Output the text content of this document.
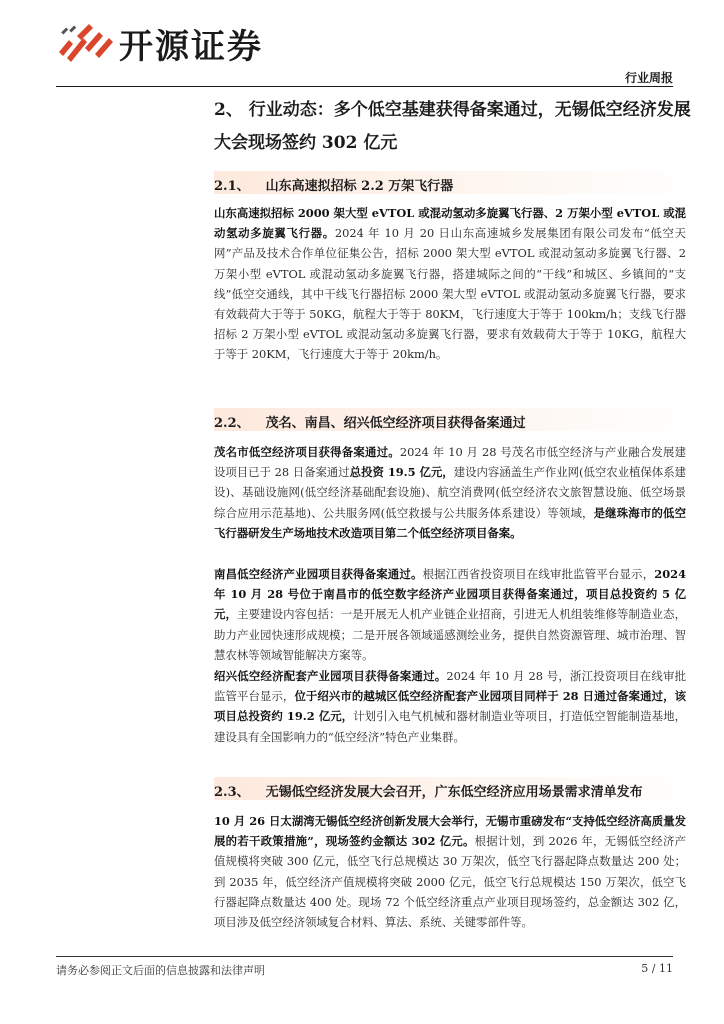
开源证券
行业周报
2、 行业动态：多个低空基建获得备案通过，无锡低空经济发展大会现场签约 302 亿元
2.1、 山东高速拟招标 2.2 万架飞行器
山东高速拟招标 2000 架大型 eVTOL 或混动氢动多旋翼飞行器、2 万架小型 eVTOL 或混动氢动多旋翼飞行器。2024 年 10 月 20 日山东高速城乡发展集团有限公司发布“低空天网”产品及技术合作单位征集公告，招标 2000 架大型 eVTOL 或混动氢动多旋翼飞行器、2 万架小型 eVTOL 或混动氢动多旋翼飞行器，搭建城际之间的“干线”和城区、乡镇间的“支线”低空交通线，其中干线飞行器招标 2000 架大型 eVTOL 或混动氢动多旋翼飞行器，要求有效载荷大于等于 50KG，航程大于等于 80KM，飞行速度大于等于 100km/h；支线飞行器招标 2 万架小型 eVTOL 或混动氢动多旋翼飞行器，要求有效载荷大于等于 10KG，航程大于等于 20KM，飞行速度大于等于 20km/h。
2.2、 茂名、南昌、绍兴低空经济项目获得备案通过
茂名市低空经济项目获得备案通过。2024 年 10 月 28 号茂名市低空经济与产业融合发展建设项目已于 28 日备案通过总投资 19.5 亿元，建设内容涵盖生产作业网(低空农业植保体系建设)、基础设施网(低空经济基础配套设施)、航空消费网(低空经济农文旅智慧设施、低空场景综合应用示范基地)、公共服务网(低空救援与公共服务体系建设）等领域，是继珠海市的低空飞行器研发生产场地技术改造项目第二个低空经济项目备案。
南昌低空经济产业园项目获得备案通过。根据江西省投资项目在线审批监管平台显示，2024 年 10 月 28 号位于南昌市的低空数字经济产业园项目获得备案通过，项目总投资约 5 亿元，主要建设内容包括：一是开展无人机产业链企业招商，引进无人机组装维修等制造业态，助力产业园快速形成规模；二是开展各领域遥感测绘业务，提供自然资源管理、城市治理、智慧农林等领域智能解决方案等。
绍兴低空经济配套产业园项目获得备案通过。2024 年 10 月 28 号，浙江投资项目在线审批监管平台显示，位于绍兴市的越城区低空经济配套产业园项目同样于 28 日通过备案通过，该项目总投资约 19.2 亿元，计划引入电气机械和器材制造业等项目，打造低空智能制造基地，建设具有全国影响力的“低空经济”特色产业集群。
2.3、 无锡低空经济发展大会召开，广东低空经济应用场景需求清单发布
10 月 26 日太湖湾无锡低空经济创新发展大会举行，无锡市重磅发布“支持低空经济高质量发展的若干政策措施”，现场签约金额达 302 亿元。根据计划，到 2026 年，无锡低空经济产值规模将突破 300 亿元，低空飞行总规模达 30 万架次，低空飞行器起降点数量达 200 处；到 2035 年，低空经济产值规模将突破 2000 亿元，低空飞行总规模达 150 万架次，低空飞行器起降点数量达 400 处。现场 72 个低空经济重点产业项目现场签约，总金额达 302 亿，项目涉及低空经济领域复合材料、算法、系统、关键零部件等。
请务必参阅正文后面的信息披露和法律声明	5 / 11
